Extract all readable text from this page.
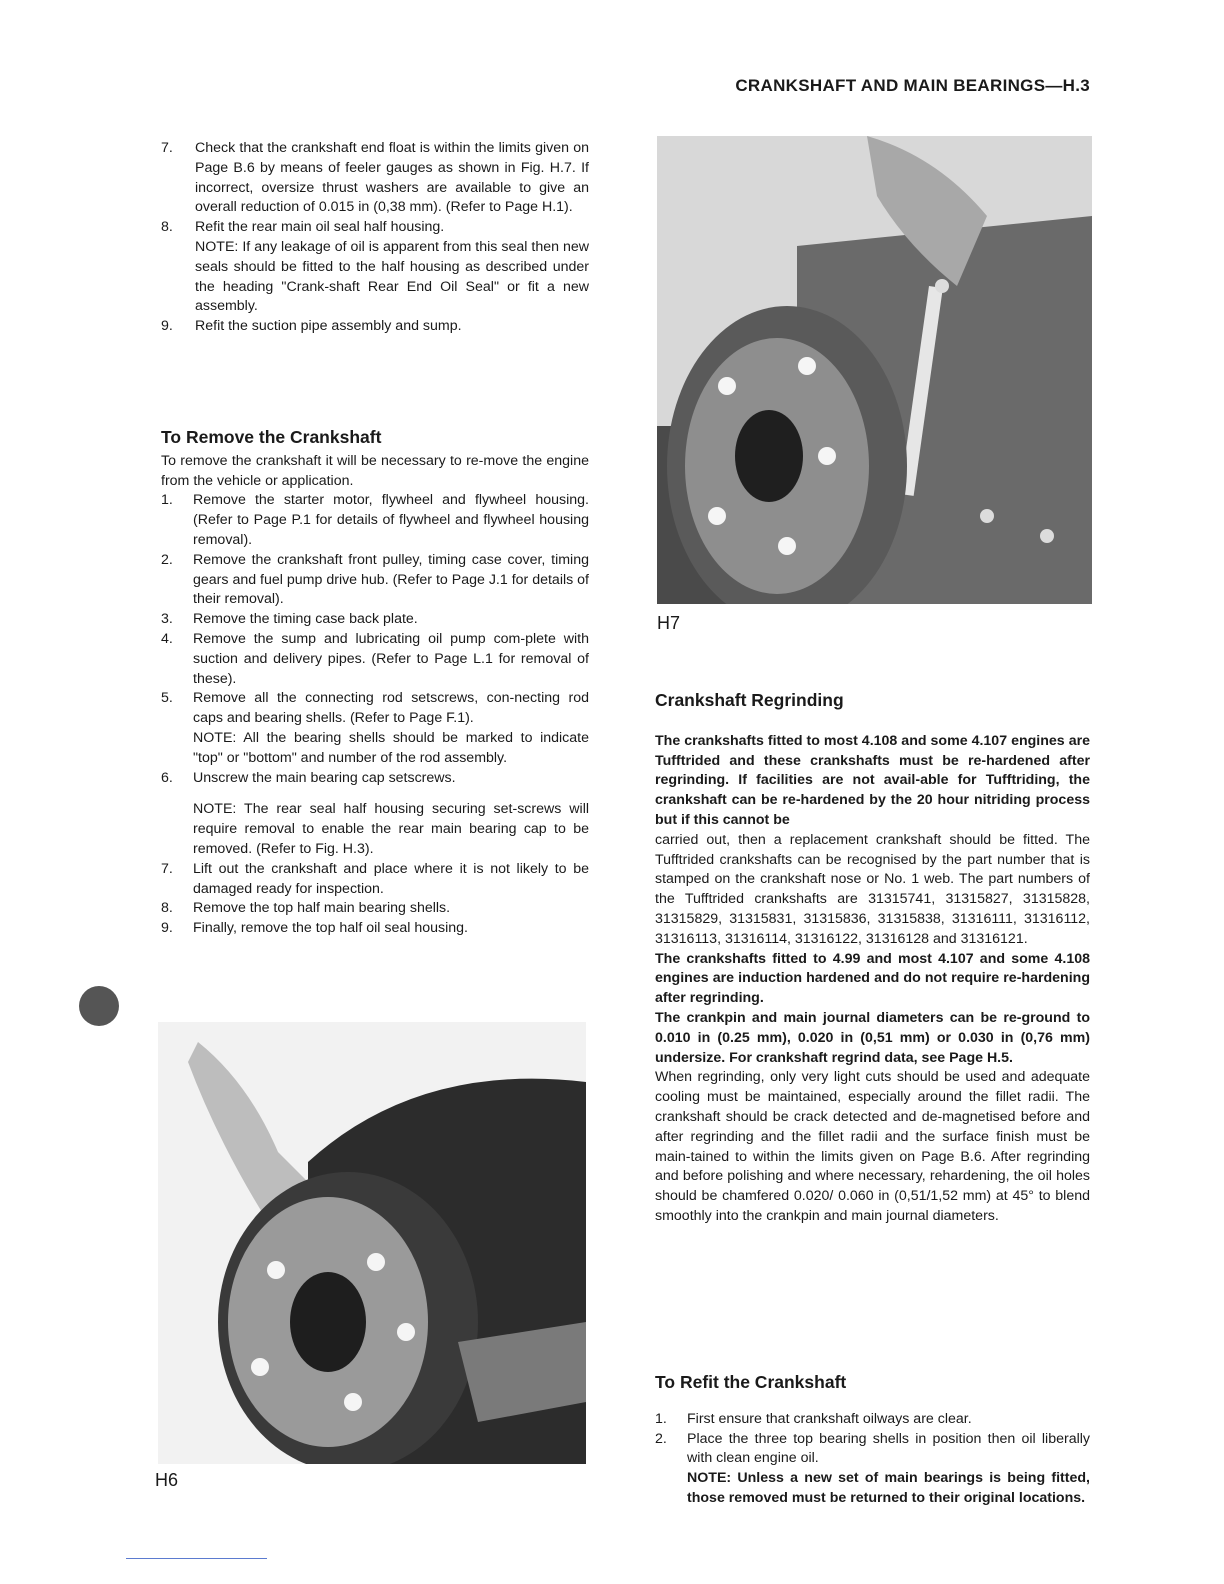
CRANKSHAFT AND MAIN BEARINGS—H.3
7. Check that the crankshaft end float is within the limits given on Page B.6 by means of feeler gauges as shown in Fig. H.7. If incorrect, oversize thrust washers are available to give an overall reduction of 0.015 in (0,38 mm). (Refer to Page H.1).

8. Refit the rear main oil seal half housing.

NOTE: If any leakage of oil is apparent from this seal then new seals should be fitted to the half housing as described under the heading "Crank-shaft Rear End Oil Seal" or fit a new assembly.

9. Refit the suction pipe assembly and sump.

To Remove the Crankshaft

To remove the crankshaft it will be necessary to re-move the engine from the vehicle or application.

1. Remove the starter motor, flywheel and flywheel housing. (Refer to Page P.1 for details of flywheel and flywheel housing removal).

2. Remove the crankshaft front pulley, timing case cover, timing gears and fuel pump drive hub. (Refer to Page J.1 for details of their removal).

3. Remove the timing case back plate.

4. Remove the sump and lubricating oil pump com-plete with suction and delivery pipes. (Refer to Page L.1 for removal of these).

5. Remove all the connecting rod setscrews, con-necting rod caps and bearing shells. (Refer to Page F.1).

NOTE: All the bearing shells should be marked to indicate "top" or "bottom" and number of the rod assembly.

6. Unscrew the main bearing cap setscrews.

NOTE: The rear seal half housing securing set-screws will require removal to enable the rear main bearing cap to be removed. (Refer to Fig. H.3).

7. Lift out the crankshaft and place where it is not likely to be damaged ready for inspection.

8. Remove the top half main bearing shells.

9. Finally, remove the top half oil seal housing.

H6
H7
Crankshaft Regrinding

The crankshafts fitted to most 4.108 and some 4.107 engines are Tufftrided and these crankshafts must be re-hardened after regrinding. If facilities are not avail-able for Tufftriding, the crankshaft can be re-hardened by the 20 hour nitriding process but if this cannot be

carried out, then a replacement crankshaft should be fitted. The Tufftrided crankshafts can be recognised by the part number that is stamped on the crankshaft nose or No. 1 web. The part numbers of the Tufftrided crankshafts are 31315741, 31315827, 31315828, 31315829, 31315831, 31315836, 31315838, 31316111, 31316112, 31316113, 31316114, 31316122, 31316128 and 31316121.

The crankshafts fitted to 4.99 and most 4.107 and some 4.108 engines are induction hardened and do not require re-hardening after regrinding.

The crankpin and main journal diameters can be re-ground to 0.010 in (0.25 mm), 0.020 in (0,51 mm) or 0.030 in (0,76 mm) undersize. For crankshaft regrind data, see Page H.5.

When regrinding, only very light cuts should be used and adequate cooling must be maintained, especially around the fillet radii. The crankshaft should be crack detected and de-magnetised before and after regrinding and the fillet radii and the surface finish must be main-tained to within the limits given on Page B.6. After regrinding and before polishing and where necessary, rehardening, the oil holes should be chamfered 0.020/ 0.060 in (0,51/1,52 mm) at 45° to blend smoothly into the crankpin and main journal diameters.

To Refit the Crankshaft
1. First ensure that crankshaft oilways are clear.

2. Place the three top bearing shells in position then oil liberally with clean engine oil.

NOTE: Unless a new set of main bearings is being fitted, those removed must be returned to their original locations.
